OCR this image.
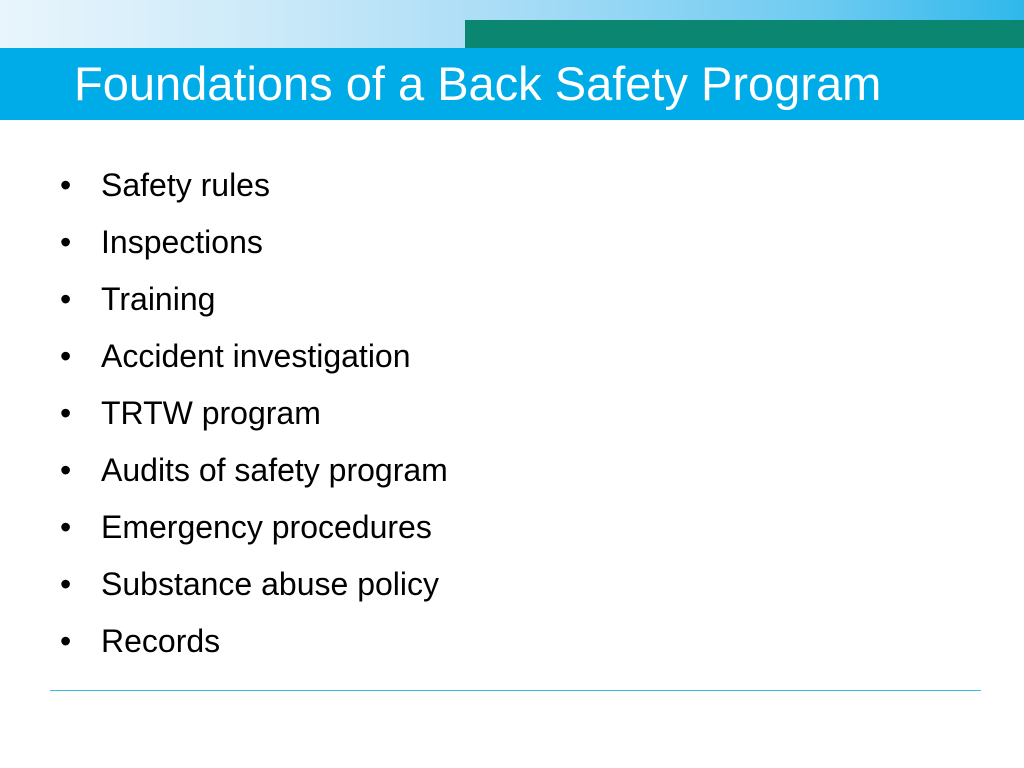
Foundations of a Back Safety Program
• Safety rules
• Inspections
• Training
• Accident investigation
• TRTW program
• Audits of safety program
• Emergency procedures
• Substance abuse policy
• Records
